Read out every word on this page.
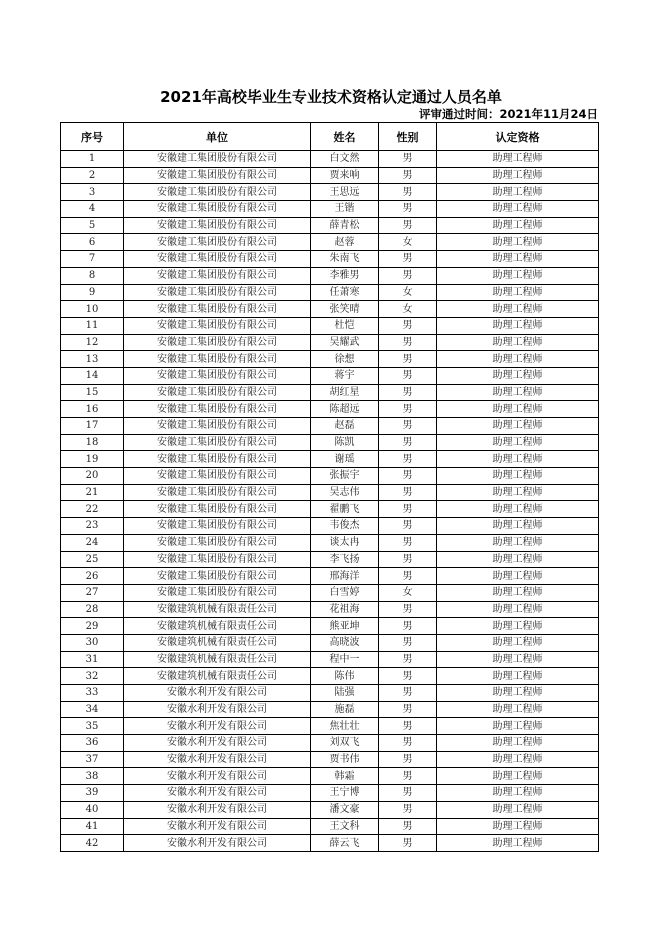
2021年高校毕业生专业技术资格认定通过人员名单
评审通过时间：2021年11月24日
序号	单位	姓名	性别	认定资格
1	安徽建工集团股份有限公司	白文然	男	助理工程师
2	安徽建工集团股份有限公司	贾来响	男	助理工程师
3	安徽建工集团股份有限公司	王思远	男	助理工程师
4	安徽建工集团股份有限公司	王锴	男	助理工程师
5	安徽建工集团股份有限公司	薛青松	男	助理工程师
6	安徽建工集团股份有限公司	赵蓉	女	助理工程师
7	安徽建工集团股份有限公司	朱南飞	男	助理工程师
8	安徽建工集团股份有限公司	李雅男	男	助理工程师
9	安徽建工集团股份有限公司	任萧寒	女	助理工程师
10	安徽建工集团股份有限公司	张笑晴	女	助理工程师
11	安徽建工集团股份有限公司	杜恺	男	助理工程师
12	安徽建工集团股份有限公司	吴耀武	男	助理工程师
13	安徽建工集团股份有限公司	徐想	男	助理工程师
14	安徽建工集团股份有限公司	蒋宇	男	助理工程师
15	安徽建工集团股份有限公司	胡红星	男	助理工程师
16	安徽建工集团股份有限公司	陈超远	男	助理工程师
17	安徽建工集团股份有限公司	赵磊	男	助理工程师
18	安徽建工集团股份有限公司	陈凯	男	助理工程师
19	安徽建工集团股份有限公司	谢瑶	男	助理工程师
20	安徽建工集团股份有限公司	张振宇	男	助理工程师
21	安徽建工集团股份有限公司	吴志伟	男	助理工程师
22	安徽建工集团股份有限公司	翟鹏飞	男	助理工程师
23	安徽建工集团股份有限公司	韦俊杰	男	助理工程师
24	安徽建工集团股份有限公司	谈太冉	男	助理工程师
25	安徽建工集团股份有限公司	李飞扬	男	助理工程师
26	安徽建工集团股份有限公司	邢海洋	男	助理工程师
27	安徽建工集团股份有限公司	白雪婷	女	助理工程师
28	安徽建筑机械有限责任公司	花祖海	男	助理工程师
29	安徽建筑机械有限责任公司	熊亚坤	男	助理工程师
30	安徽建筑机械有限责任公司	高晓波	男	助理工程师
31	安徽建筑机械有限责任公司	程中一	男	助理工程师
32	安徽建筑机械有限责任公司	陈伟	男	助理工程师
33	安徽水利开发有限公司	陆强	男	助理工程师
34	安徽水利开发有限公司	施磊	男	助理工程师
35	安徽水利开发有限公司	焦壮壮	男	助理工程师
36	安徽水利开发有限公司	刘双飞	男	助理工程师
37	安徽水利开发有限公司	贾书伟	男	助理工程师
38	安徽水利开发有限公司	韩霜	男	助理工程师
39	安徽水利开发有限公司	王宁博	男	助理工程师
40	安徽水利开发有限公司	潘文豪	男	助理工程师
41	安徽水利开发有限公司	王文科	男	助理工程师
42	安徽水利开发有限公司	薛云飞	男	助理工程师
